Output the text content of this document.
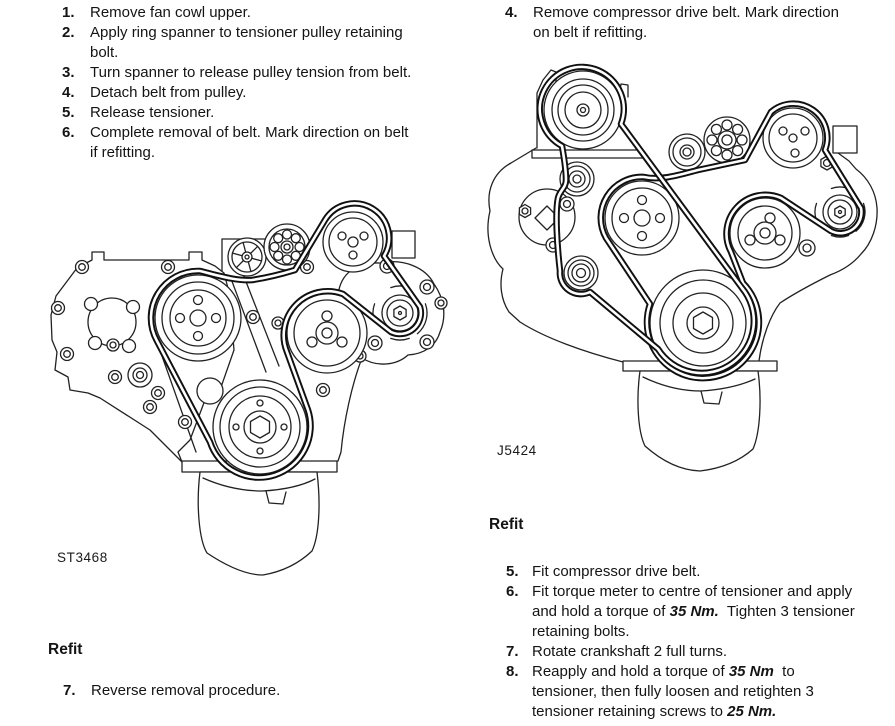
1. Remove fan cowl upper.
2. Apply ring spanner to tensioner pulley retaining
bolt.
3. Turn spanner to release pulley tension from belt.
4. Detach belt from pulley.
5. Release tensioner.
6. Complete removal of belt. Mark direction on belt
if refitting.
4. Remove compressor drive belt. Mark direction
on belt if refitting.
ST3468
Refit
7. Reverse removal procedure.
J5424
Refit
5. Fit compressor drive belt.
6. Fit torque meter to centre of tensioner and apply
and hold a torque of 35 Nm.  Tighten 3 tensioner
retaining bolts.
7. Rotate crankshaft 2 full turns.
8. Reapply and hold a torque of 35 Nm  to
tensioner, then fully loosen and retighten 3
tensioner retaining screws to 25 Nm.
